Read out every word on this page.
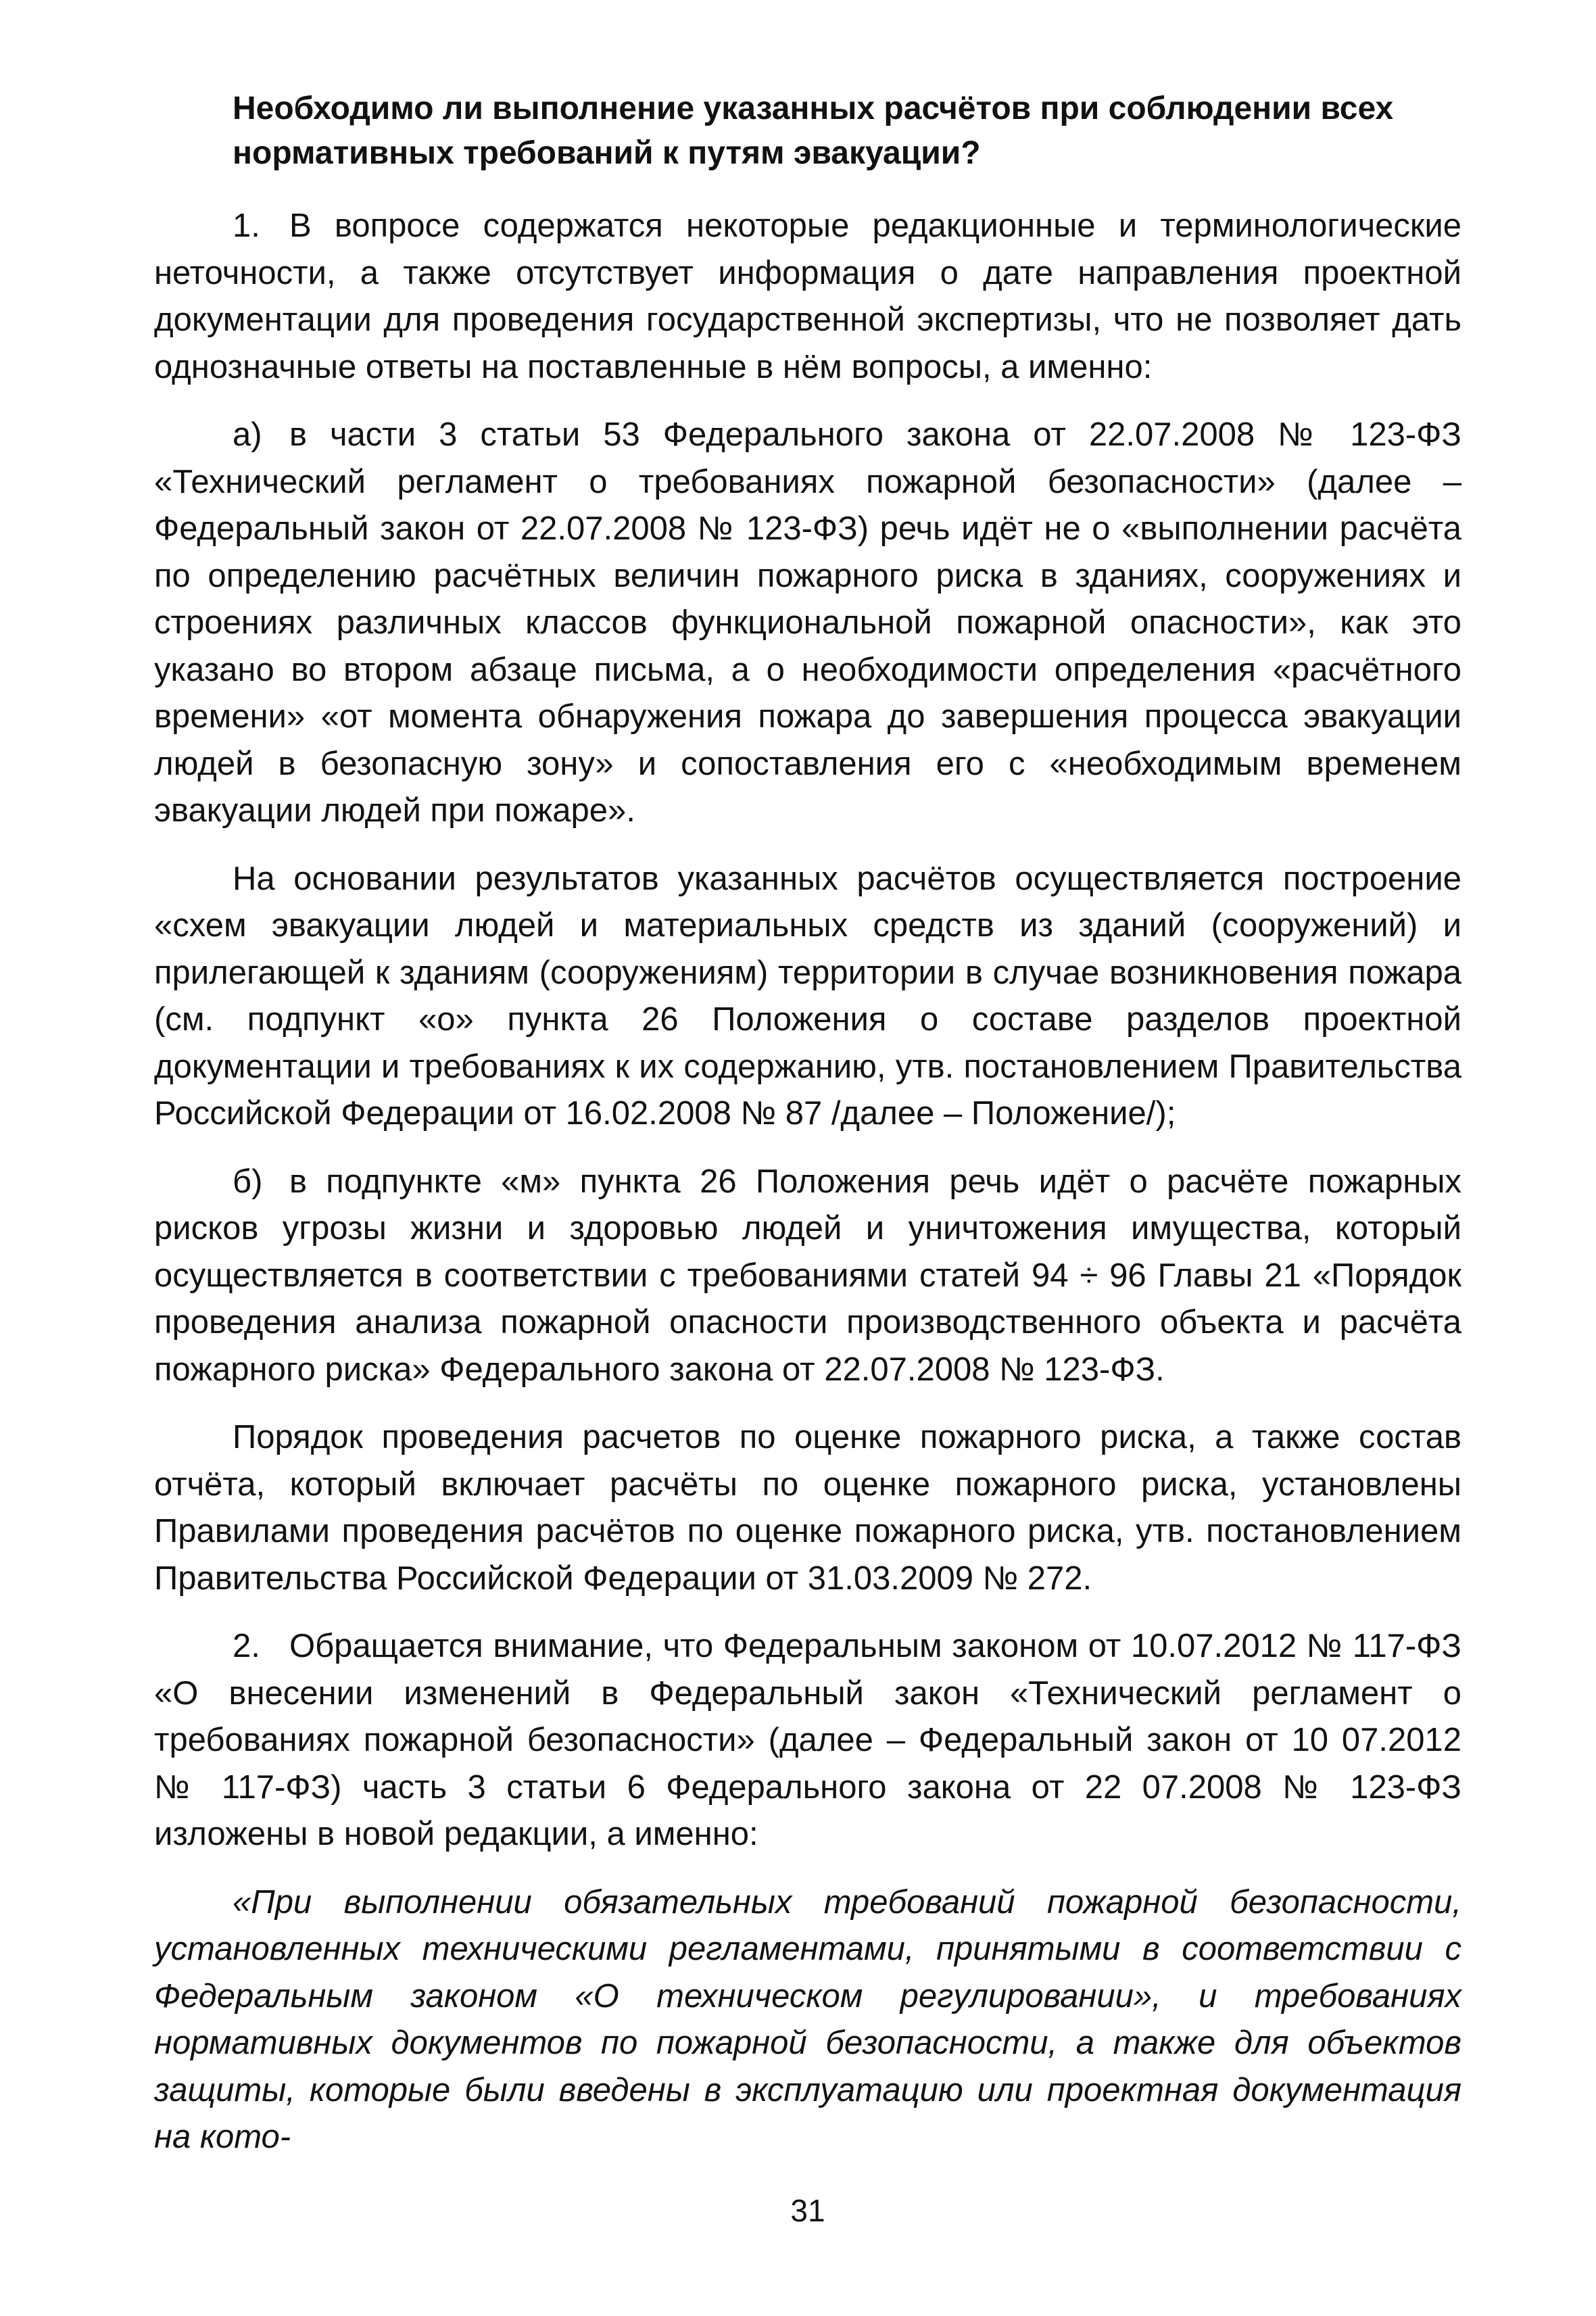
Необходимо ли выполнение указанных расчётов при соблюдении всех нормативных требований к путям эвакуации?

1. В вопросе содержатся некоторые редакционные и терминологические неточности, а также отсутствует информация о дате направления проектной документации для проведения государственной экспертизы, что не позволяет дать однозначные ответы на поставленные в нём вопросы, а именно:

а) в части 3 статьи 53 Федерального закона от 22.07.2008 № 123-ФЗ «Технический регламент о требованиях пожарной безопасности» (далее – Федеральный закон от 22.07.2008 № 123-ФЗ) речь идёт не о «выполнении расчёта по определению расчётных величин пожарного риска в зданиях, сооружениях и строениях различных классов функциональной пожарной опасности», как это указано во втором абзаце письма, а о необходимости определения «расчётного времени» «от момента обнаружения пожара до завершения процесса эвакуации людей в безопасную зону» и сопоставления его с «необходимым временем эвакуации людей при пожаре».

На основании результатов указанных расчётов осуществляется построение «схем эвакуации людей и материальных средств из зданий (сооружений) и прилегающей к зданиям (сооружениям) территории в случае возникновения пожара (см. подпункт «о» пункта 26 Положения о составе разделов проектной документации и требованиях к их содержанию, утв. постановлением Правительства Российской Федерации от 16.02.2008 № 87 /далее – Положение/);

б) в подпункте «м» пункта 26 Положения речь идёт о расчёте пожарных рисков угрозы жизни и здоровью людей и уничтожения имущества, который осуществляется в соответствии с требованиями статей 94 ÷ 96 Главы 21 «Порядок проведения анализа пожарной опасности производственного объекта и расчёта пожарного риска» Федерального закона от 22.07.2008 № 123-ФЗ.

Порядок проведения расчетов по оценке пожарного риска, а также состав отчёта, который включает расчёты по оценке пожарного риска, установлены Правилами проведения расчётов по оценке пожарного риска, утв. постановлением Правительства Российской Федерации от 31.03.2009 № 272.

2. Обращается внимание, что Федеральным законом от 10.07.2012 № 117-ФЗ «О внесении изменений в Федеральный закон «Технический регламент о требованиях пожарной безопасности» (далее – Федеральный закон от 10 07.2012 № 117-ФЗ) часть 3 статьи 6 Федерального закона от 22 07.2008 № 123-ФЗ изложены в новой редакции, а именно:

«При выполнении обязательных требований пожарной безопасности, установленных техническими регламентами, принятыми в соответствии с Федеральным законом «О техническом регулировании», и требованиях нормативных документов по пожарной безопасности, а также для объектов защиты, которые были введены в эксплуатацию или проектная документация на кото-

31
